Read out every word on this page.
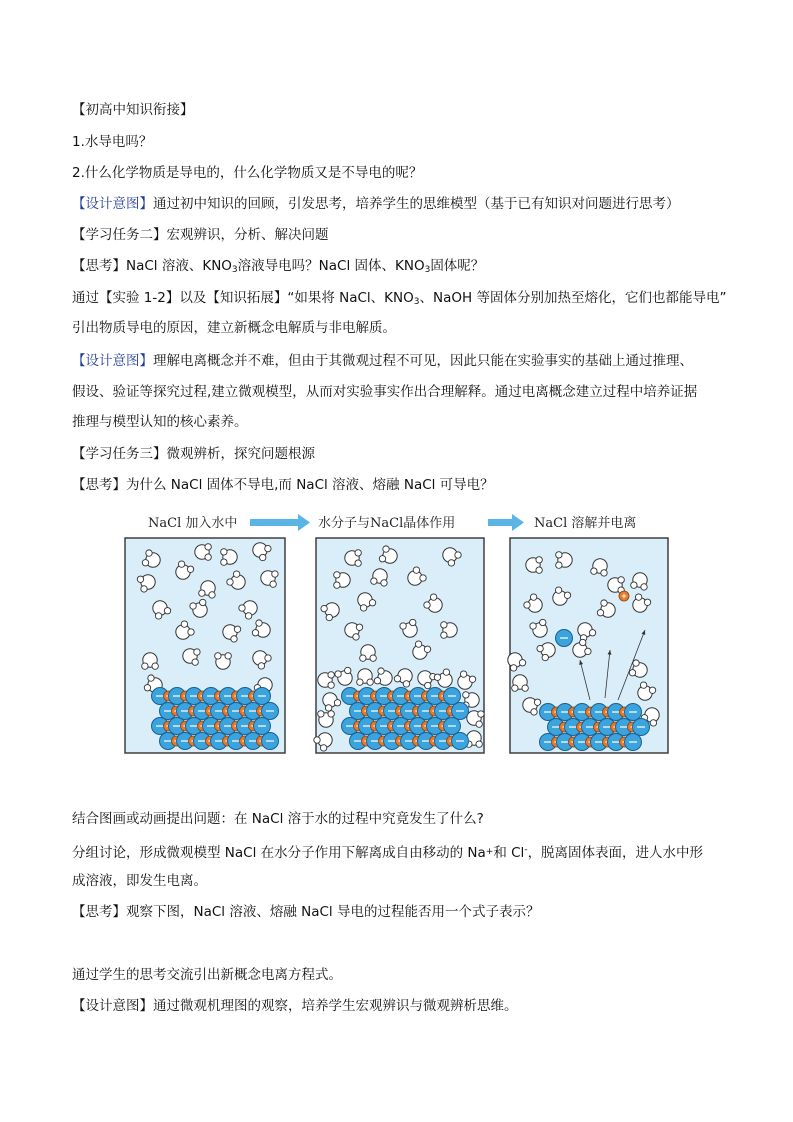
【初高中知识衔接】

1.水导电吗？

2.什么化学物质是导电的，什么化学物质又是不导电的呢？

【设计意图】通过初中知识的回顾，引发思考，培养学生的思维模型（基于已有知识对问题进行思考）

【学习任务二】宏观辨识，分析、解决问题

【思考】NaCl 溶液、$KNO_3$溶液导电吗？NaCl 固体、$KNO_3$固体呢？

通过【实验 1-2】以及【知识拓展】“如果将 NaCl、$KNO_3$、NaOH 等固体分别加热至熔化，它们也都能导电”

引出物质导电的原因，建立新概念电解质与非电解质。

【设计意图】理解电离概念并不难，但由于其微观过程不可见，因此只能在实验事实的基础上通过推理、

假设、验证等探究过程,建立微观模型，从而对实验事实作出合理解释。通过电离概念建立过程中培养证据

推理与模型认知的核心素养。

【学习任务三】微观辨析，探究问题根源

【思考】为什么 NaCl 固体不导电,而 NaCl 溶液、熔融 NaCl 可导电？

NaCl 加入水中	水分子与NaCl晶体作用	NaCl 溶解并电离

结合图画或动画提出问题：在 NaCl 溶于水的过程中究竟发生了什么?

分组讨论，形成微观模型 NaCl 在水分子作用下解离成自由移动的 $Na_{^+}$和 Cl-，脱离固体表面，进人水中形

成溶液，即发生电离。

【思考】观察下图，NaCl 溶液、熔融 NaCl 导电的过程能否用一个式子表示？

通过学生的思考交流引出新概念电离方程式。

【设计意图】通过微观机理图的观察，培养学生宏观辨识与微观辨析思维。
